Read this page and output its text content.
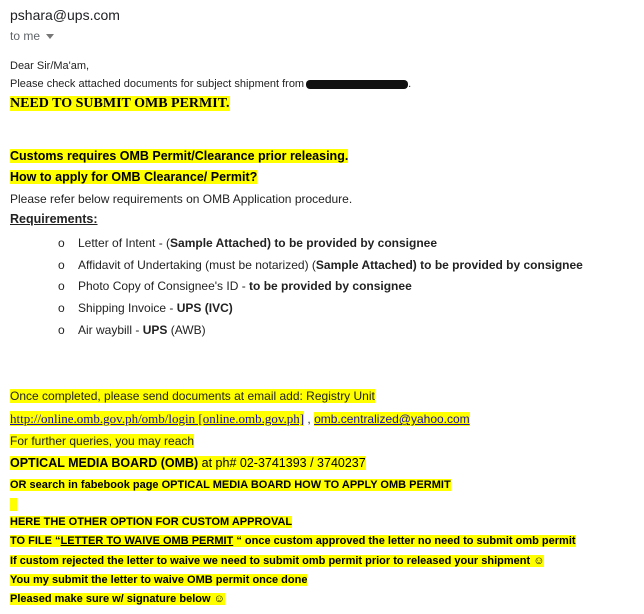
pshara@ups.com
to me
Dear Sir/Ma'am,
Please check attached documents for subject shipment from	.
NEED TO SUBMIT OMB PERMIT.
Customs requires OMB Permit/Clearance prior releasing.
How to apply for OMB Clearance/ Permit?
Please refer below requirements on OMB Application procedure.
Requirements:
o Letter of Intent - (Sample Attached) to be provided by consignee
o Affidavit of Undertaking (must be notarized) (Sample Attached) to be provided by consignee
o Photo Copy of Consignee's ID - to be provided by consignee
o Shipping Invoice - UPS (IVC)
o Air waybill - UPS (AWB)
Once completed, please send documents at email add: Registry Unit
http://online.omb.gov.ph/omb/login [online.omb.gov.ph] , omb.centralized@yahoo.com
For further queries, you may reach
OPTICAL MEDIA BOARD (OMB) at ph# 02-3741393 / 3740237
OR search in fabebook page OPTICAL MEDIA BOARD HOW TO APPLY OMB PERMIT
HERE THE OTHER OPTION FOR CUSTOM APPROVAL
TO FILE “LETTER TO WAIVE OMB PERMIT “ once custom approved the letter no need to submit omb permit
If custom rejected the letter to waive we need to submit omb permit prior to released your shipment ☺
You my submit the letter to waive OMB permit once done
Pleased make sure w/ signature below ☺
